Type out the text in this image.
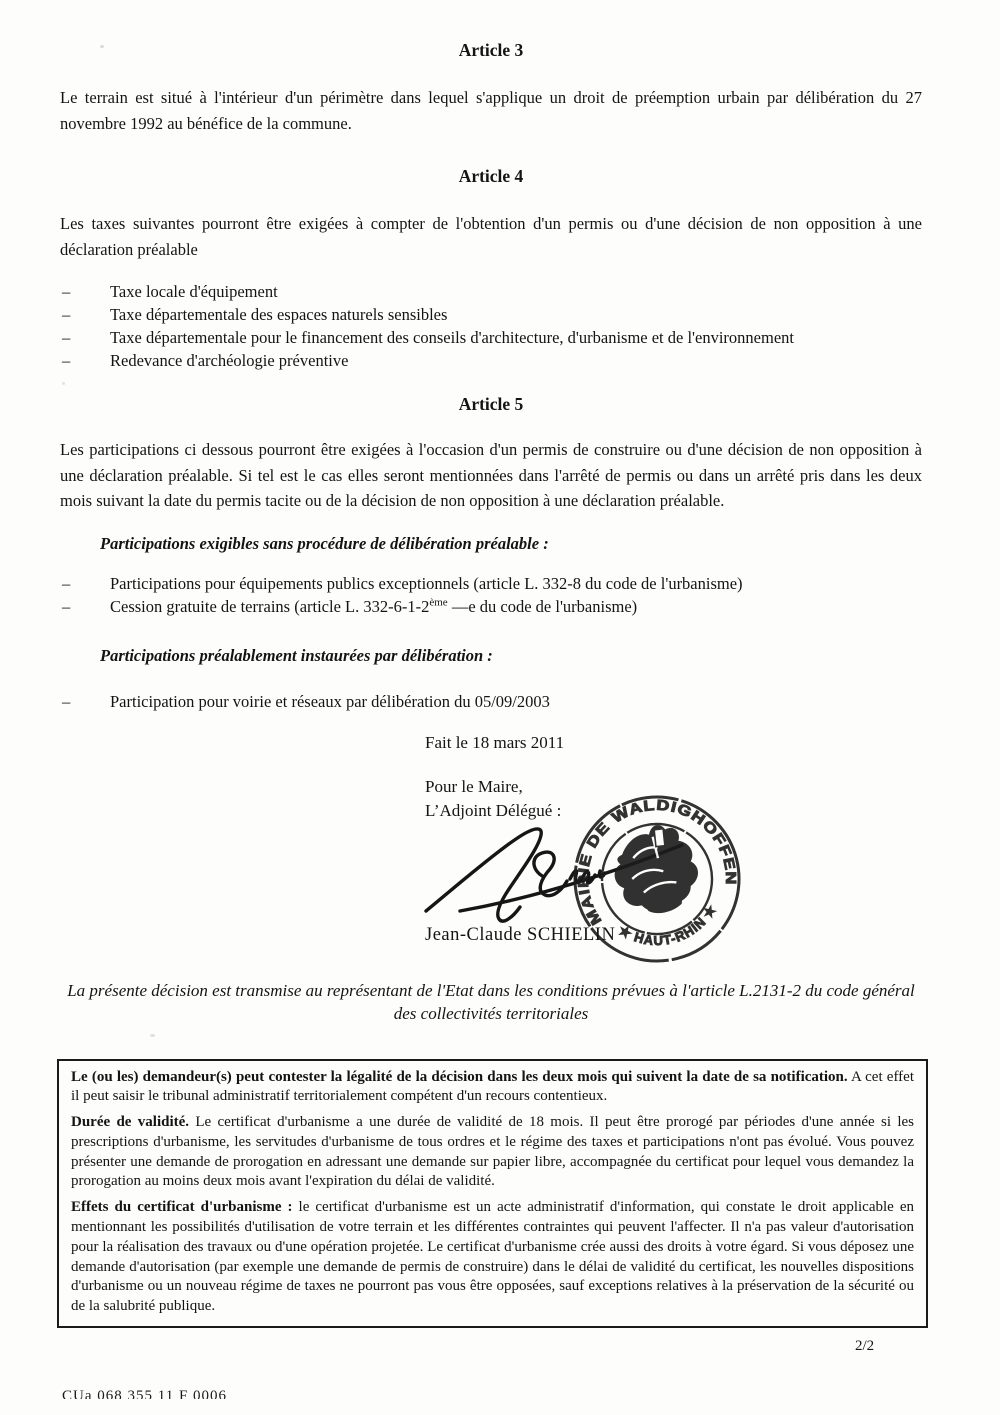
Article 3

Le terrain est situé à l'intérieur d'un périmètre dans lequel s'applique un droit de préemption urbain par délibération du 27 novembre 1992 au bénéfice de la commune.

Article 4

Les taxes suivantes pourront être exigées à compter de l'obtention d'un permis ou d'une décision de non opposition à une déclaration préalable

– Taxe locale d'équipement
– Taxe départementale des espaces naturels sensibles
– Taxe départementale pour le financement des conseils d'architecture, d'urbanisme et de l'environnement
– Redevance d'archéologie préventive
Article 5

Les participations ci dessous pourront être exigées à l'occasion d'un permis de construire ou d'une décision de non opposition à une déclaration préalable. Si tel est le cas elles seront mentionnées dans l'arrêté de permis ou dans un arrêté pris dans les deux mois suivant la date du permis tacite ou de la décision de non opposition à une déclaration préalable.

Participations exigibles sans procédure de délibération préalable :

– Participations pour équipements publics exceptionnels (article L. 332-8 du code de l'urbanisme)
– Cession gratuite de terrains (article L. 332-6-1-2ème —e du code de l'urbanisme)

Participations préalablement instaurées par délibération :

– Participation pour voirie et réseaux par délibération du 05/09/2003
Fait le 18 mars 2011
Pour le Maire,
L’Adjoint Délégué :
MAIRIE DE WALDIGHOFFEN
★ HAUT-RHIN ★
Jean-Claude SCHIELIN

La présente décision est transmise au représentant de l'Etat dans les conditions prévues à l'article L.2131-2 du code général des collectivités territoriales

Le (ou les) demandeur(s) peut contester la légalité de la décision dans les deux mois qui suivent la date de sa notification. A cet effet il peut saisir le tribunal administratif territorialement compétent d'un recours contentieux.

Durée de validité. Le certificat d'urbanisme a une durée de validité de 18 mois. Il peut être prorogé par périodes d'une année si les prescriptions d'urbanisme, les servitudes d'urbanisme de tous ordres et le régime des taxes et participations n'ont pas évolué. Vous pouvez présenter une demande de prorogation en adressant une demande sur papier libre, accompagnée du certificat pour lequel vous demandez la prorogation au moins deux mois avant l'expiration du délai de validité.

Effets du certificat d'urbanisme : le certificat d'urbanisme est un acte administratif d'information, qui constate le droit applicable en mentionnant les possibilités d'utilisation de votre terrain et les différentes contraintes qui peuvent l'affecter. Il n'a pas valeur d'autorisation pour la réalisation des travaux ou d'une opération projetée. Le certificat d'urbanisme crée aussi des droits à votre égard. Si vous déposez une demande d'autorisation (par exemple une demande de permis de construire) dans le délai de validité du certificat, les nouvelles dispositions d'urbanisme ou un nouveau régime de taxes ne pourront pas vous être opposées, sauf exceptions relatives à la préservation de la sécurité ou de la salubrité publique.

2/2
CUa 068 355 11 F 0006
